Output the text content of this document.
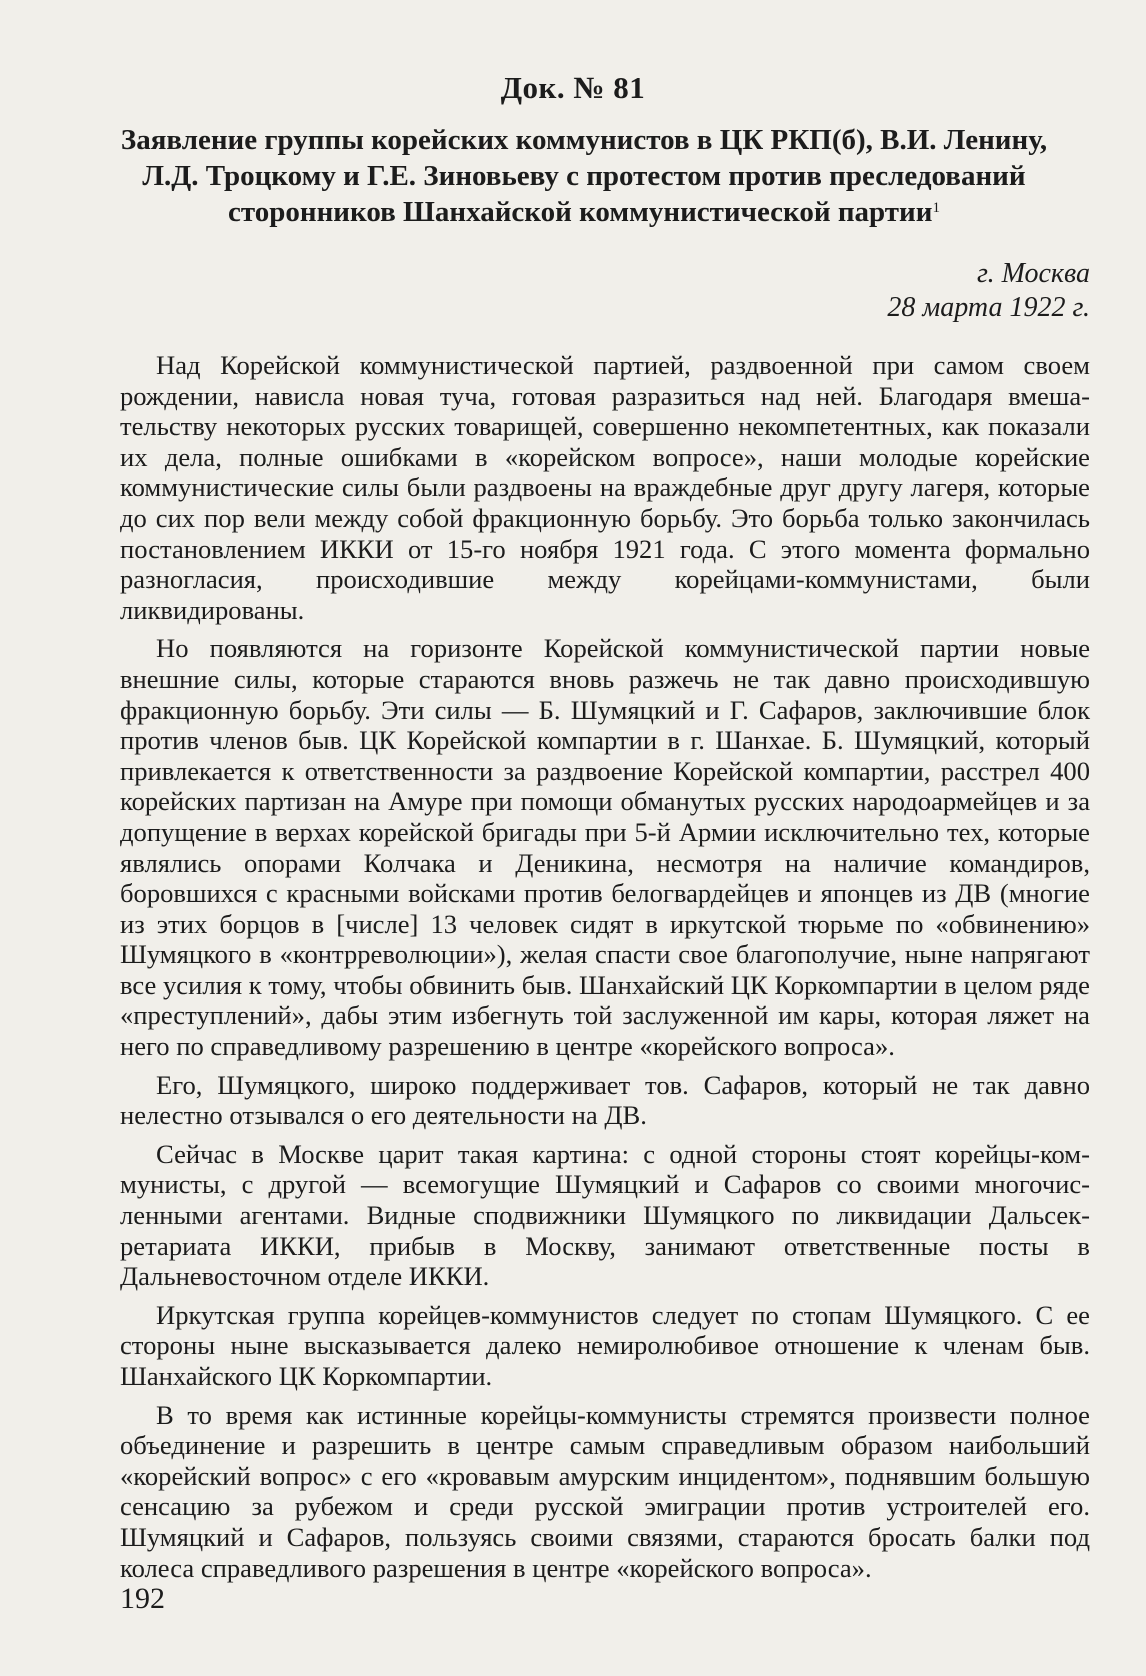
Док. № 81
Заявление группы корейских коммунистов в ЦК РКП(б), В.И. Ленину, Л.Д. Троцкому и Г.Е. Зиновьеву с протестом против преследований сторонников Шанхайской коммунистической партии$^1$
г. Москва
28 марта 1922 г.

Над Корейской коммунистической партией, раздвоенной при самом своем рождении, нависла новая туча, готовая разразиться над ней. Благодаря вмешательству некоторых русских товарищей, совершенно некомпетентных, как показали их дела, полные ошибками в «корейском вопросе», наши молодые корейские коммунистические силы были раздвоены на враждебные друг другу лагеря, которые до сих пор вели между собой фракционную борьбу. Это борьба только закончилась постановлением ИККИ от 15-го ноября 1921 года. С этого момента формально разногласия, происходившие между корейцами-коммунистами, были ликвидированы.

Но появляются на горизонте Корейской коммунистической партии новые внешние силы, которые стараются вновь разжечь не так давно происходившую фракционную борьбу. Эти силы — Б. Шумяцкий и Г. Сафаров, заключившие блок против членов быв. ЦК Корейской компартии в г. Шанхае. Б. Шумяцкий, который привлекается к ответственности за раздвоение Корейской компартии, расстрел 400 корейских партизан на Амуре при помощи обманутых русских народоармейцев и за допущение в верхах корейской бригады при 5-й Армии исключительно тех, которые являлись опорами Колчака и Деникина, несмотря на наличие командиров, боровшихся с красными войсками против белогвардейцев и японцев из ДВ (многие из этих борцов в [числе] 13 человек сидят в иркутской тюрьме по «обвинению» Шумяцкого в «контрреволюции»), желая спасти свое благополучие, ныне напрягают все усилия к тому, чтобы обвинить быв. Шанхайский ЦК Коркомпартии в целом ряде «преступлений», дабы этим избегнуть той заслуженной им кары, которая ляжет на него по справедливому разрешению в центре «корейского вопроса».

Его, Шумяцкого, широко поддерживает тов. Сафаров, который не так давно нелестно отзывался о его деятельности на ДВ.

Сейчас в Москве царит такая картина: с одной стороны стоят корейцы-коммунисты, с другой — всемогущие Шумяцкий и Сафаров со своими многочисленными агентами. Видные сподвижники Шумяцкого по ликвидации Дальсекретариата ИККИ, прибыв в Москву, занимают ответственные посты в Дальневосточном отделе ИККИ.

Иркутская группа корейцев-коммунистов следует по стопам Шумяцкого. С ее стороны ныне высказывается далеко немиролюбивое отношение к членам быв. Шанхайского ЦК Коркомпартии.

В то время как истинные корейцы-коммунисты стремятся произвести полное объединение и разрешить в центре самым справедливым образом наибольший «корейский вопрос» с его «кровавым амурским инцидентом», поднявшим большую сенсацию за рубежом и среди русской эмиграции против устроителей его. Шумяцкий и Сафаров, пользуясь своими связями, стараются бросать балки под колеса справедливого разрешения в центре «корейского вопроса».

192
